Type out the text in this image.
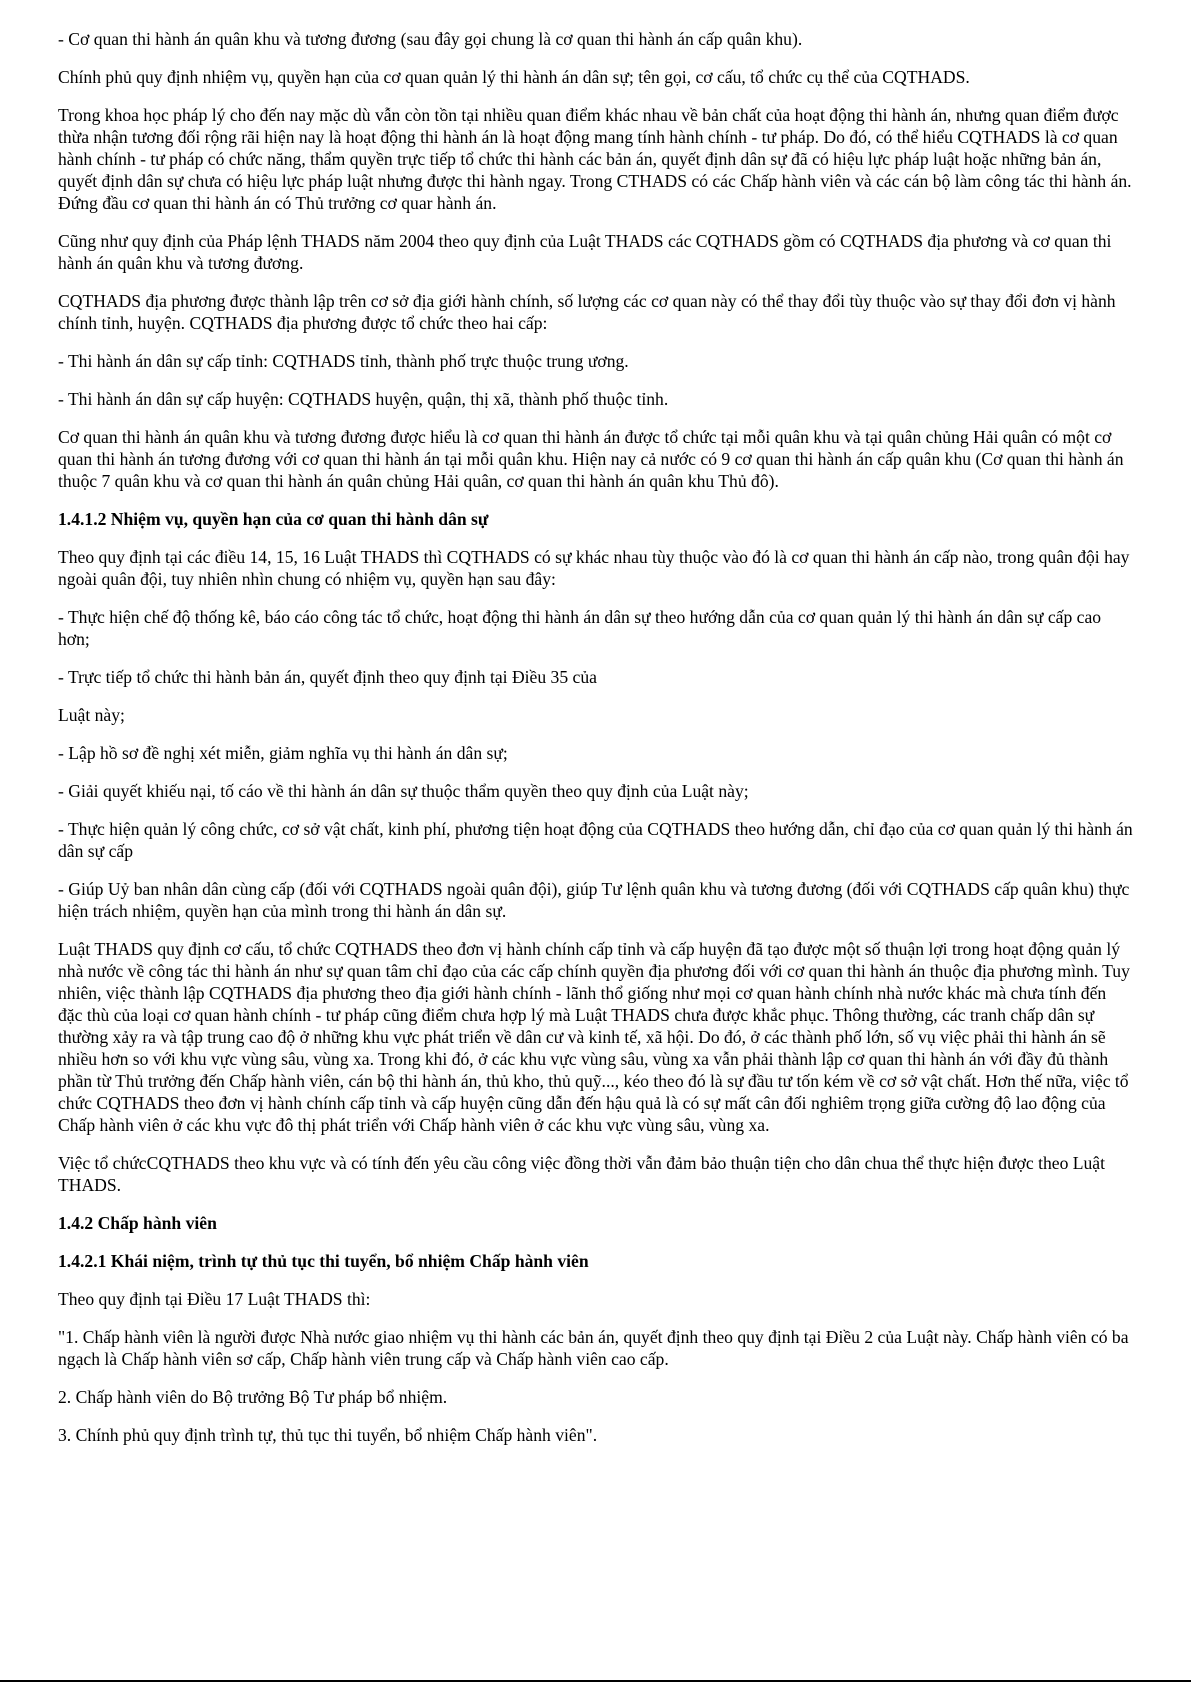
- Cơ quan thi hành án quân khu và tương đương (sau đây gọi chung là cơ quan thi hành án cấp quân khu).

Chính phủ quy định nhiệm vụ, quyền hạn của cơ quan quản lý thi hành án dân sự; tên gọi, cơ cấu, tổ chức cụ thể của CQTHADS.

Trong khoa học pháp lý cho đến nay mặc dù vẫn còn tồn tại nhiều quan điểm khác nhau về bản chất của hoạt động thi hành án, nhưng quan điểm được thừa nhận tương đối rộng rãi hiện nay là hoạt động thi hành án là hoạt động mang tính hành chính - tư pháp. Do đó, có thể hiểu CQTHADS là cơ quan hành chính - tư pháp có chức năng, thẩm quyền trực tiếp tổ chức thi hành các bản án, quyết định dân sự đã có hiệu lực pháp luật hoặc những bản án, quyết định dân sự chưa có hiệu lực pháp luật nhưng được thi hành ngay. Trong CTHADS có các Chấp hành viên và các cán bộ làm công tác thi hành án. Đứng đầu cơ quan thi hành án có Thủ trưởng cơ quar hành án.

Cũng như quy định của Pháp lệnh THADS năm 2004 theo quy định của Luật THADS các CQTHADS gồm có CQTHADS địa phương và cơ quan thi hành án quân khu và tương đương.

CQTHADS địa phương được thành lập trên cơ sở địa giới hành chính, số lượng các cơ quan này có thể thay đổi tùy thuộc vào sự thay đổi đơn vị hành chính tỉnh, huyện. CQTHADS địa phương được tổ chức theo hai cấp:

- Thi hành án dân sự cấp tỉnh: CQTHADS tỉnh, thành phố trực thuộc trung ương.

- Thi hành án dân sự cấp huyện: CQTHADS huyện, quận, thị xã, thành phố thuộc tỉnh.

Cơ quan thi hành án quân khu và tương đương được hiểu là cơ quan thi hành án được tổ chức tại mỗi quân khu và tại quân chủng Hải quân có một cơ quan thi hành án tương đương với cơ quan thi hành án tại mỗi quân khu. Hiện nay cả nước có 9 cơ quan thi hành án cấp quân khu (Cơ quan thi hành án thuộc 7 quân khu và cơ quan thi hành án quân chủng Hải quân, cơ quan thi hành án quân khu Thủ đô).

1.4.1.2 Nhiệm vụ, quyền hạn của cơ quan thi hành dân sự

Theo quy định tại các điều 14, 15, 16 Luật THADS thì CQTHADS có sự khác nhau tùy thuộc vào đó là cơ quan thi hành án cấp nào, trong quân đội hay ngoài quân đội, tuy nhiên nhìn chung có nhiệm vụ, quyền hạn sau đây:

- Thực hiện chế độ thống kê, báo cáo công tác tổ chức, hoạt động thi hành án dân sự theo hướng dẫn của cơ quan quản lý thi hành án dân sự cấp cao hơn;

- Trực tiếp tổ chức thi hành bản án, quyết định theo quy định tại Điều 35 của

Luật này;

- Lập hồ sơ đề nghị xét miễn, giảm nghĩa vụ thi hành án dân sự;

- Giải quyết khiếu nại, tố cáo về thi hành án dân sự thuộc thẩm quyền theo quy định của Luật này;

- Thực hiện quản lý công chức, cơ sở vật chất, kinh phí, phương tiện hoạt động của CQTHADS theo hướng dẫn, chỉ đạo của cơ quan quản lý thi hành án dân sự cấp

- Giúp Uỷ ban nhân dân cùng cấp (đối với CQTHADS ngoài quân đội), giúp Tư lệnh quân khu và tương đương (đối với CQTHADS cấp quân khu) thực hiện trách nhiệm, quyền hạn của mình trong thi hành án dân sự.

Luật THADS quy định cơ cấu, tổ chức CQTHADS theo đơn vị hành chính cấp tỉnh và cấp huyện đã tạo được một số thuận lợi trong hoạt động quản lý nhà nước về công tác thi hành án như sự quan tâm chỉ đạo của các cấp chính quyền địa phương đối với cơ quan thi hành án thuộc địa phương mình. Tuy nhiên, việc thành lập CQTHADS địa phương theo địa giới hành chính - lãnh thổ giống như mọi cơ quan hành chính nhà nước khác mà chưa tính đến đặc thù của loại cơ quan hành chính - tư pháp cũng điểm chưa hợp lý mà Luật THADS chưa được khắc phục. Thông thường, các tranh chấp dân sự thường xảy ra và tập trung cao độ ở những khu vực phát triển về dân cư và kinh tế, xã hội. Do đó, ở các thành phố lớn, số vụ việc phải thi hành án sẽ nhiều hơn so với khu vực vùng sâu, vùng xa. Trong khi đó, ở các khu vực vùng sâu, vùng xa vẫn phải thành lập cơ quan thi hành án với đầy đủ thành phần từ Thủ trưởng đến Chấp hành viên, cán bộ thi hành án, thủ kho, thủ quỹ..., kéo theo đó là sự đầu tư tốn kém về cơ sở vật chất. Hơn thế nữa, việc tổ chức CQTHADS theo đơn vị hành chính cấp tỉnh và cấp huyện cũng dẫn đến hậu quả là có sự mất cân đối nghiêm trọng giữa cường độ lao động của Chấp hành viên ở các khu vực đô thị phát triển với Chấp hành viên ở các khu vực vùng sâu, vùng xa.

Việc tổ chứcCQTHADS theo khu vực và có tính đến yêu cầu công việc đồng thời vẫn đảm bảo thuận tiện cho dân chua thể thực hiện được theo Luật THADS.

1.4.2 Chấp hành viên
1.4.2.1 Khái niệm, trình tự thủ tục thi tuyển, bổ nhiệm Chấp hành viên

Theo quy định tại Điều 17 Luật THADS thì:

"1. Chấp hành viên là người được Nhà nước giao nhiệm vụ thi hành các bản án, quyết định theo quy định tại Điều 2 của Luật này. Chấp hành viên có ba ngạch là Chấp hành viên sơ cấp, Chấp hành viên trung cấp và Chấp hành viên cao cấp.

2. Chấp hành viên do Bộ trưởng Bộ Tư pháp bổ nhiệm.

3. Chính phủ quy định trình tự, thủ tục thi tuyển, bổ nhiệm Chấp hành viên".
